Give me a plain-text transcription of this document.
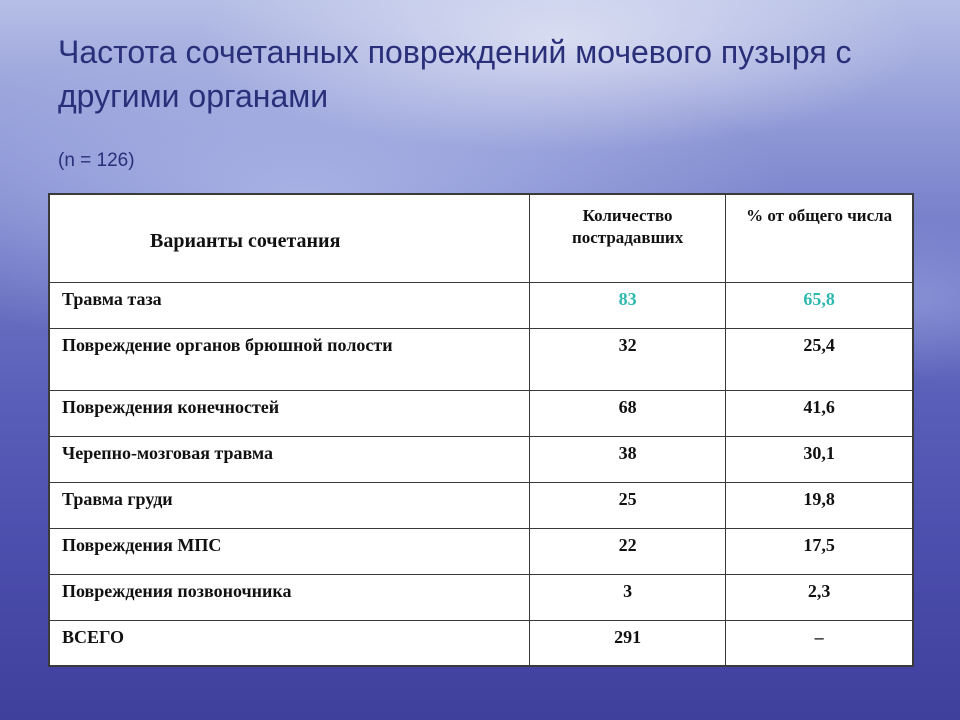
Частота сочетанных повреждений мочевого пузыря с другими органами
(n = 126)
Варианты сочетания	Количество пострадавших	% от общего числа
Травма таза	83	65,8
Повреждение органов брюшной полости	32	25,4
Повреждения конечностей	68	41,6
Черепно-мозговая травма	38	30,1
Травма груди	25	19,8
Повреждения МПС	22	17,5
Повреждения позвоночника	3	2,3
ВСЕГО	291	–
